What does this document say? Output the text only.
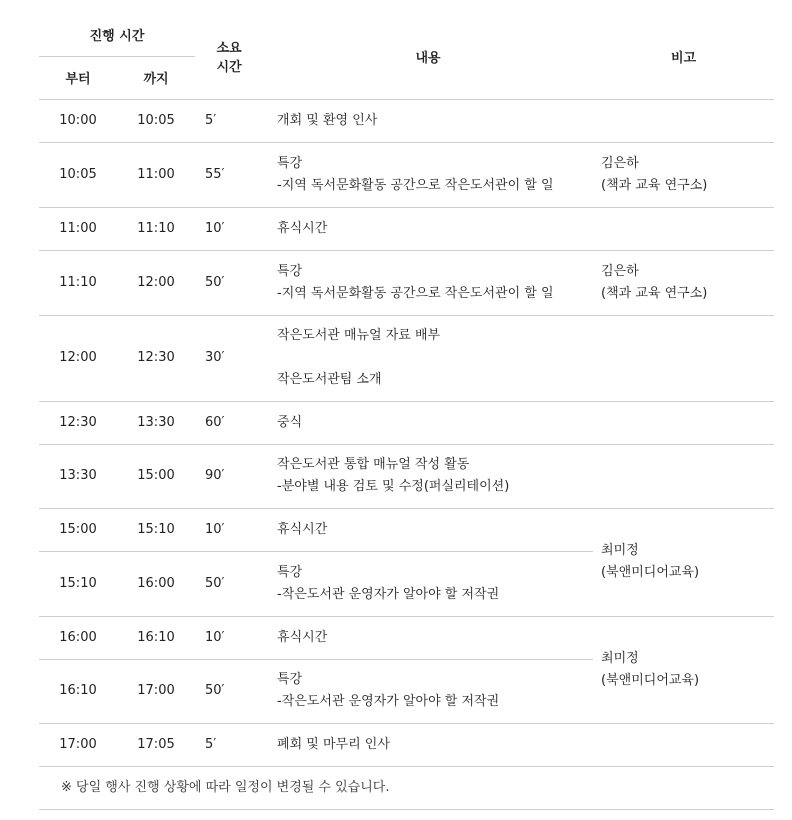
진행 시간		소요
시간	내용	비고
부터	까지			
10:00	10:05	5′	개회 및 환영 인사	

10:05	11:00	55′	특강
-지역 독서문화활동 공간으로 작은도서관이 할 일	김은하
(책과 교육 연구소)

11:00	11:10	10′	휴식시간	

11:10	12:00	50′	특강
-지역 독서문화활동 공간으로 작은도서관이 할 일	김은하
(책과 교육 연구소)

12:00	12:30	30′	작은도서관 매뉴얼 자료 배부
작은도서관팀 소개	

12:30	13:30	60′	중식	

13:30	15:00	90′	작은도서관 통합 매뉴얼 작성 활동
-분야별 내용 검토 및 수정(퍼실리테이션)	

15:00	15:10	10′	휴식시간	최미정
(북앤미디어교육)

15:10	16:00	50′	특강
-작은도서관 운영자가 알아야 할 저작권	

16:00	16:10	10′	휴식시간	최미정
(북앤미디어교육)

16:10	17:00	50′	특강
-작은도서관 운영자가 알아야 할 저작권	

17:00	17:05	5′	폐회 및 마무리 인사	

※ 당일 행사 진행 상황에 따라 일정이 변경될 수 있습니다.				
